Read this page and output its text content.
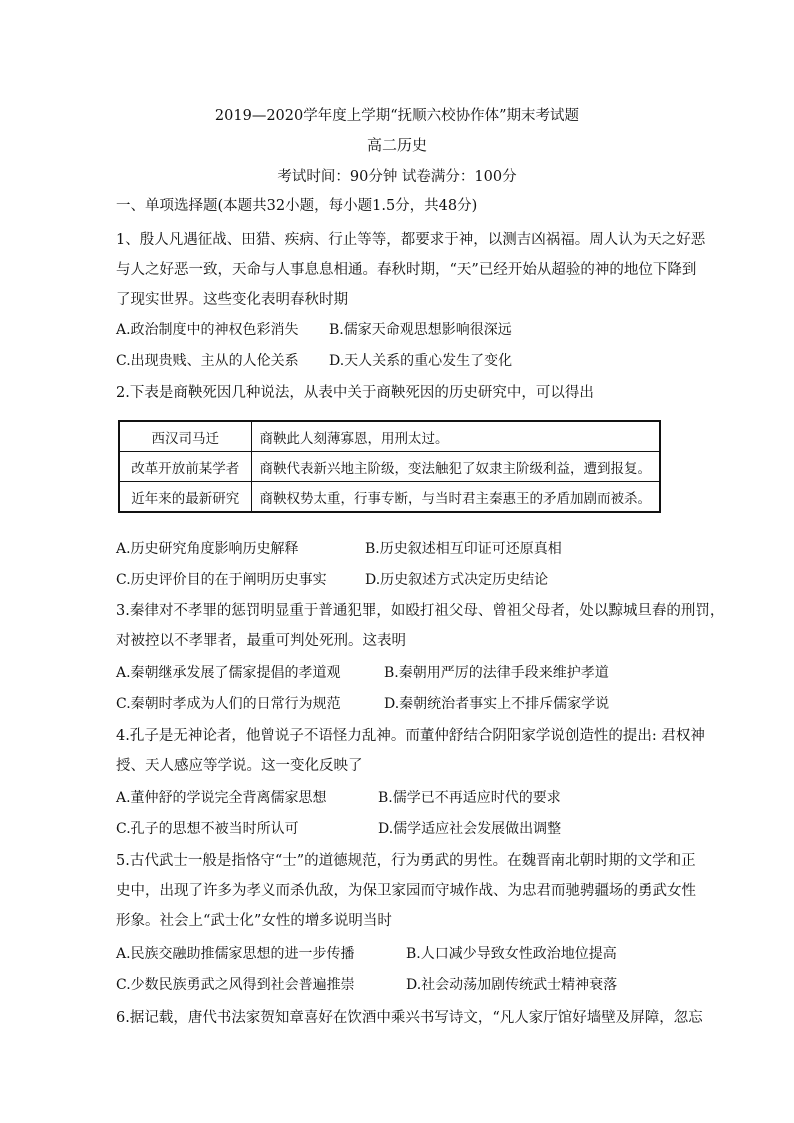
2019—2020学年度上学期“抚顺六校协作体”期末考试题
高二历史
考试时间：90分钟 试卷满分：100分
一、单项选择题(本题共32小题，每小题1.5分，共48分)
1、殷人凡遇征战、田猎、疾病、行止等等，都要求于神，以测吉凶祸福。周人认为天之好恶
与人之好恶一致，天命与人事息息相通。春秋时期，“天”已经开始从超验的神的地位下降到
了现实世界。这些变化表明春秋时期
A.政治制度中的神权色彩消失 B.儒家天命观思想影响很深远
C.出现贵贱、主从的人伦关系 D.天人关系的重心发生了变化
2.下表是商鞅死因几种说法，从表中关于商鞅死因的历史研究中，可以得出
西汉司马迁	商鞅此人刻薄寡恩，用刑太过。
改革开放前某学者	商鞅代表新兴地主阶级，变法触犯了奴隶主阶级利益，遭到报复。
近年来的最新研究	商鞅权势太重，行事专断，与当时君主秦惠王的矛盾加剧而被杀。
A.历史研究角度影响历史解释	B.历史叙述相互印证可还原真相
C.历史评价目的在于阐明历史事实	D.历史叙述方式决定历史结论
3.秦律对不孝罪的惩罚明显重于普通犯罪，如殴打祖父母、曾祖父母者，处以黥城旦舂的刑罚，
对被控以不孝罪者，最重可判处死刑。这表明
A.秦朝继承发展了儒家提倡的孝道观	B.秦朝用严厉的法律手段来维护孝道
C.秦朝时孝成为人们的日常行为规范	D.秦朝统治者事实上不排斥儒家学说
4.孔子是无神论者，他曾说子不语怪力乱神。而董仲舒结合阴阳家学说创造性的提出: 君权神
授、天人感应等学说。这一变化反映了
A.董仲舒的学说完全背离儒家思想	B.儒学已不再适应时代的要求
C.孔子的思想不被当时所认可	D.儒学适应社会发展做出调整
5.古代武士一般是指恪守“士”的道德规范，行为勇武的男性。在魏晋南北朝时期的文学和正
史中，出现了许多为孝义而杀仇敌，为保卫家园而守城作战、为忠君而驰骋疆场的勇武女性
形象。社会上“武士化”女性的增多说明当时
A.民族交融助推儒家思想的进一步传播	B.人口减少导致女性政治地位提高
C.少数民族勇武之风得到社会普遍推崇	D.社会动荡加剧传统武士精神衰落
6.据记载，唐代书法家贺知章喜好在饮酒中乘兴书写诗文，“凡人家厅馆好墙壁及屏障，忽忘
